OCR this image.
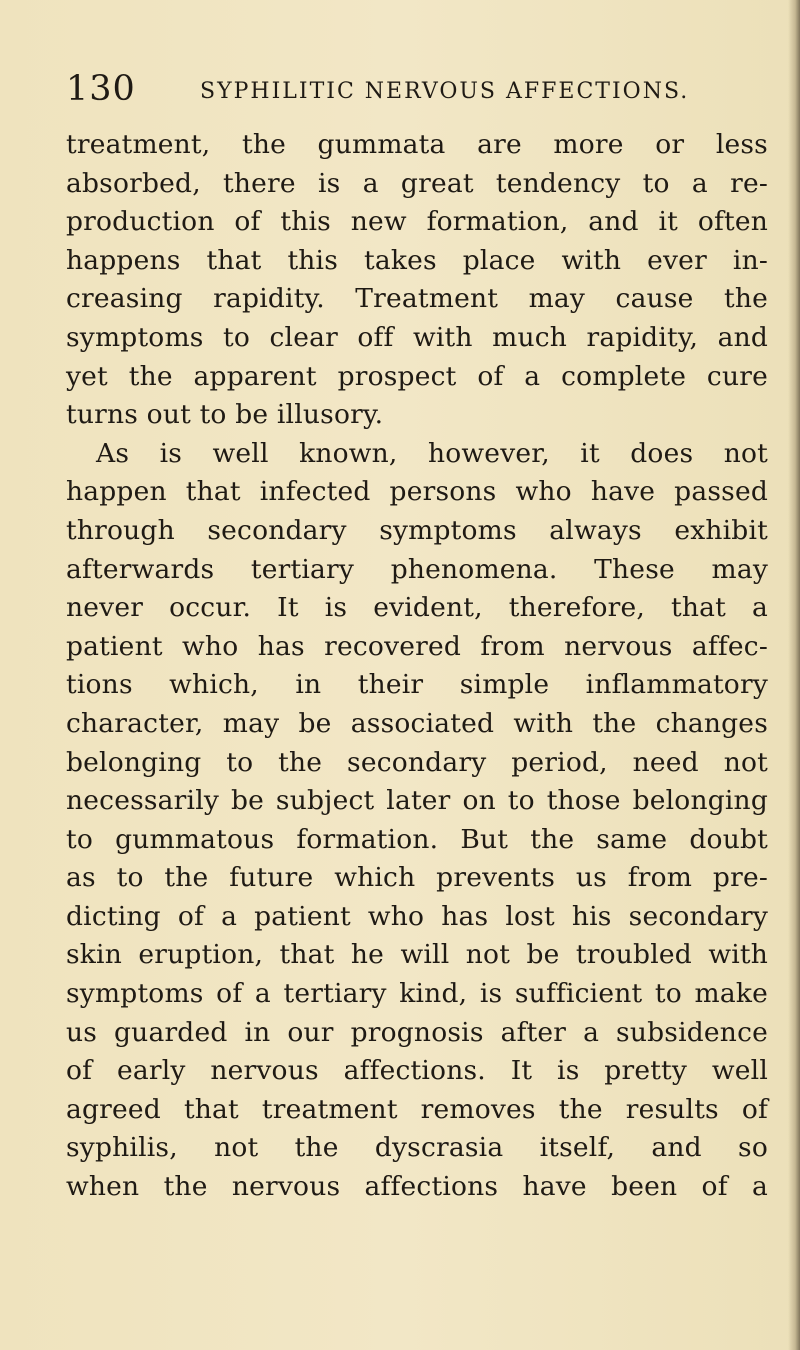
130	SYPHILITIC NERVOUS AFFECTIONS.
treatment, the gummata are more or less
absorbed, there is a great tendency to a re-
production of this new formation, and it often
happens that this takes place with ever in-
creasing rapidity. Treatment may cause the
symptoms to clear off with much rapidity, and
yet the apparent prospect of a complete cure
turns out to be illusory.
As is well known, however, it does not
happen that infected persons who have passed
through secondary symptoms always exhibit
afterwards tertiary phenomena. These may
never occur. It is evident, therefore, that a
patient who has recovered from nervous affec-
tions which, in their simple inflammatory
character, may be associated with the changes
belonging to the secondary period, need not
necessarily be subject later on to those belonging
to gummatous formation. But the same doubt
as to the future which prevents us from pre-
dicting of a patient who has lost his secondary
skin eruption, that he will not be troubled with
symptoms of a tertiary kind, is sufficient to make
us guarded in our prognosis after a subsidence
of early nervous affections. It is pretty well
agreed that treatment removes the results of
syphilis, not the dyscrasia itself, and so
when the nervous affections have been of a
